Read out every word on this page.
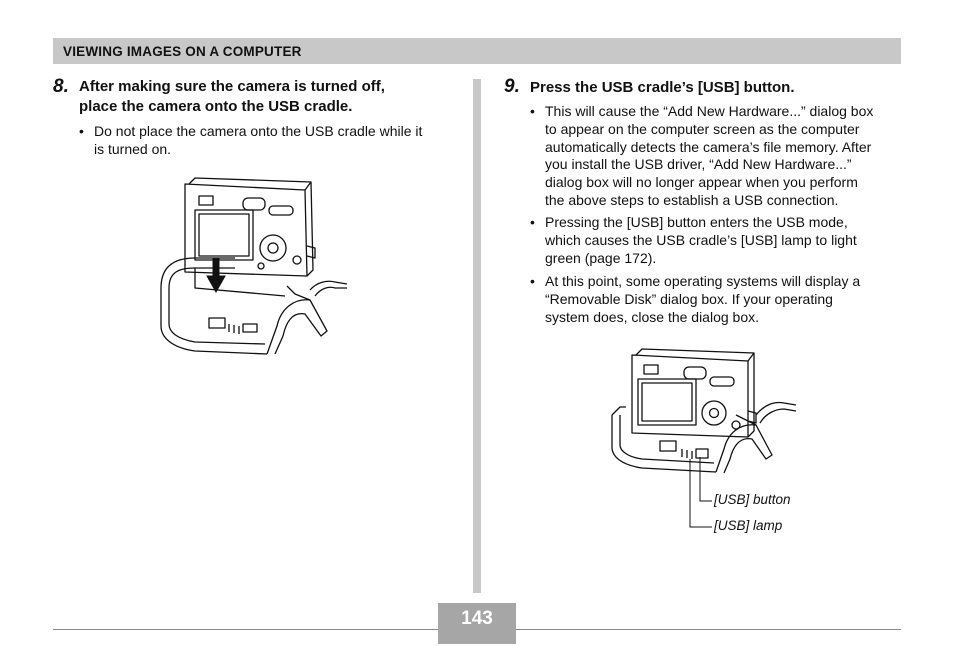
VIEWING IMAGES ON A COMPUTER
8. After making sure the camera is turned off,
place the camera onto the USB cradle.
• Do not place the camera onto the USB cradle while it
is turned on.
9. Press the USB cradle’s [USB] button.
• This will cause the “Add New Hardware...” dialog box
to appear on the computer screen as the computer
automatically detects the camera’s file memory. After
you install the USB driver, “Add New Hardware...”
dialog box will no longer appear when you perform
the above steps to establish a USB connection.
• Pressing the [USB] button enters the USB mode,
which causes the USB cradle’s [USB] lamp to light
green (page 172).
• At this point, some operating systems will display a
“Removable Disk” dialog box. If your operating
system does, close the dialog box.
[USB] button
[USB] lamp
143
